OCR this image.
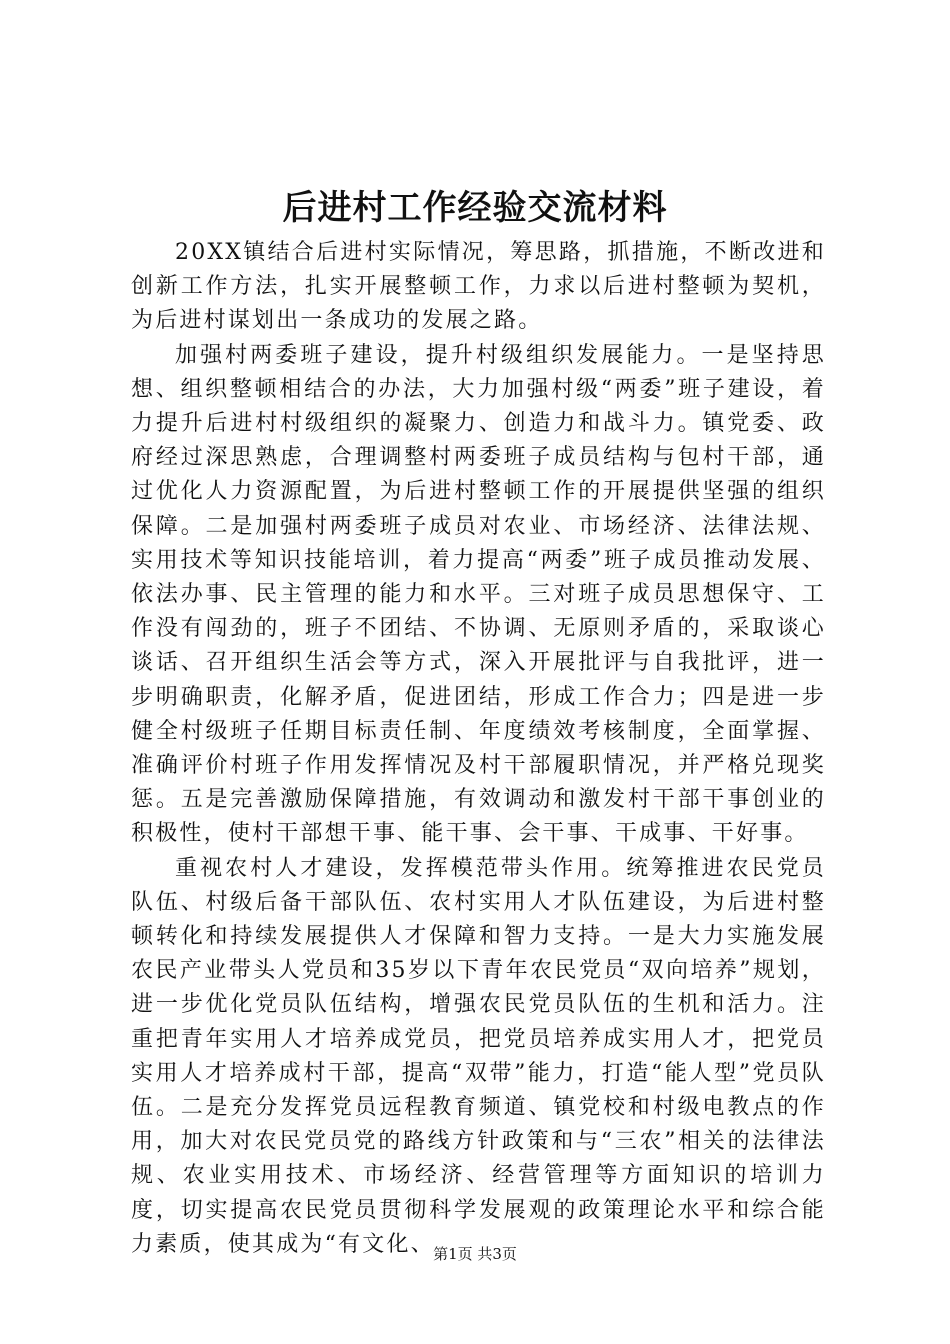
后进村工作经验交流材料

20XX镇结合后进村实际情况，筹思路，抓措施，不断改进和创新工作方法，扎实开展整顿工作，力求以后进村整顿为契机，为后进村谋划出一条成功的发展之路。

加强村两委班子建设，提升村级组织发展能力。一是坚持思想、组织整顿相结合的办法，大力加强村级“两委”班子建设，着力提升后进村村级组织的凝聚力、创造力和战斗力。镇党委、政府经过深思熟虑，合理调整村两委班子成员结构与包村干部，通过优化人力资源配置，为后进村整顿工作的开展提供坚强的组织保障。二是加强村两委班子成员对农业、市场经济、法律法规、实用技术等知识技能培训，着力提高“两委”班子成员推动发展、依法办事、民主管理的能力和水平。三对班子成员思想保守、工作没有闯劲的，班子不团结、不协调、无原则矛盾的，采取谈心谈话、召开组织生活会等方式，深入开展批评与自我批评，进一步明确职责，化解矛盾，促进团结，形成工作合力；四是进一步健全村级班子任期目标责任制、年度绩效考核制度，全面掌握、准确评价村班子作用发挥情况及村干部履职情况，并严格兑现奖惩。五是完善激励保障措施，有效调动和激发村干部干事创业的积极性，使村干部想干事、能干事、会干事、干成事、干好事。

重视农村人才建设，发挥模范带头作用。统筹推进农民党员队伍、村级后备干部队伍、农村实用人才队伍建设，为后进村整顿转化和持续发展提供人才保障和智力支持。一是大力实施发展农民产业带头人党员和35岁以下青年农民党员“双向培养”规划，进一步优化党员队伍结构，增强农民党员队伍的生机和活力。注重把青年实用人才培养成党员，把党员培养成实用人才，把党员实用人才培养成村干部，提高“双带”能力，打造“能人型”党员队伍。二是充分发挥党员远程教育频道、镇党校和村级电教点的作用，加大对农民党员党的路线方针政策和与“三农”相关的法律法规、农业实用技术、市场经济、经营管理等方面知识的培训力度，切实提高农民党员贯彻科学发展观的政策理论水平和综合能力素质，使其成为“有文化、

第1页 共3页
